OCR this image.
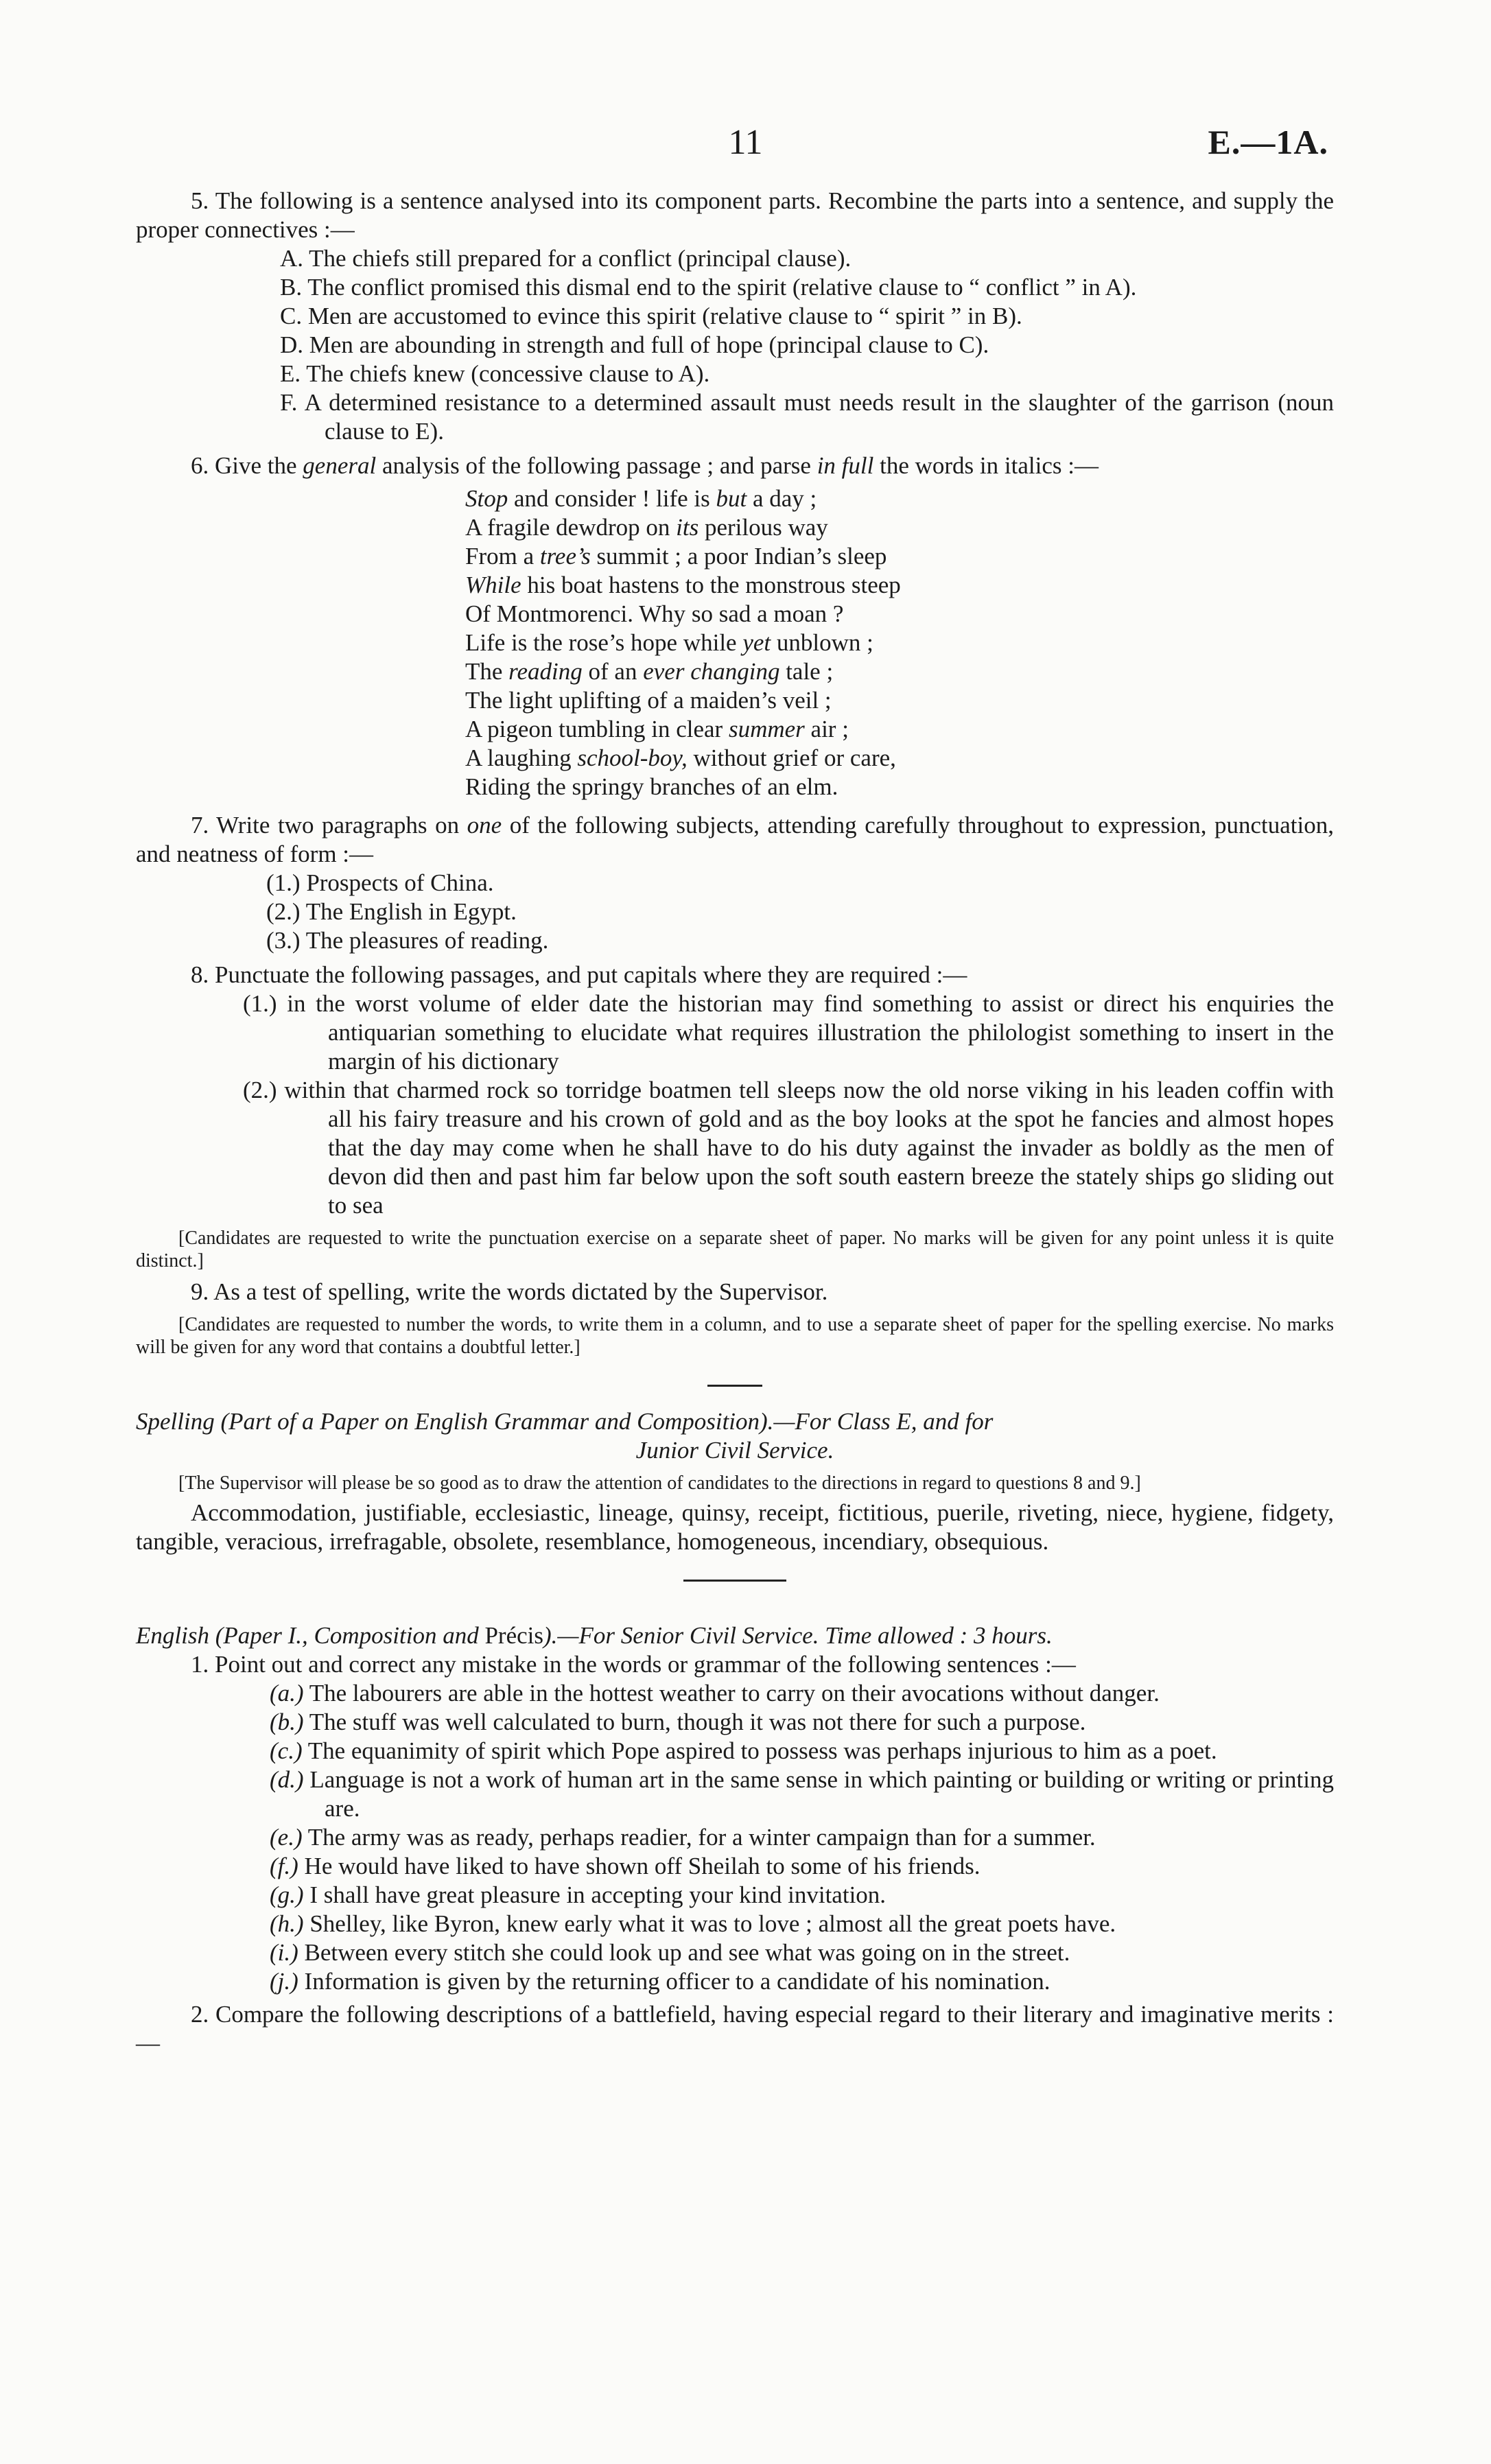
11	E.—1A.

5. The following is a sentence analysed into its component parts. Recombine the parts into a sentence, and supply the proper connectives :—

A. The chiefs still prepared for a conflict (principal clause).

B. The conflict promised this dismal end to the spirit (relative clause to “ conflict ” in A).

C. Men are accustomed to evince this spirit (relative clause to “ spirit ” in B).

D. Men are abounding in strength and full of hope (principal clause to C).

E. The chiefs knew (concessive clause to A).

F. A determined resistance to a determined assault must needs result in the slaughter of the garrison (noun clause to E).

6. Give the general analysis of the following passage ; and parse in full the words in italics :—

Stop and consider ! life is but a day ;

A fragile dewdrop on its perilous way

From a tree’s summit ; a poor Indian’s sleep

While his boat hastens to the monstrous steep

Of Montmorenci. Why so sad a moan ?

Life is the rose’s hope while yet unblown ;

The reading of an ever changing tale ;

The light uplifting of a maiden’s veil ;

A pigeon tumbling in clear summer air ;

A laughing school-boy, without grief or care,

Riding the springy branches of an elm.

7. Write two paragraphs on one of the following subjects, attending carefully throughout to expression, punctuation, and neatness of form :—

(1.) Prospects of China.

(2.) The English in Egypt.

(3.) The pleasures of reading.

8. Punctuate the following passages, and put capitals where they are required :—

(1.) in the worst volume of elder date the historian may find something to assist or direct his enquiries the antiquarian something to elucidate what requires illustration the philologist something to insert in the margin of his dictionary

(2.) within that charmed rock so torridge boatmen tell sleeps now the old norse viking in his leaden coffin with all his fairy treasure and his crown of gold and as the boy looks at the spot he fancies and almost hopes that the day may come when he shall have to do his duty against the invader as boldly as the men of devon did then and past him far below upon the soft south eastern breeze the stately ships go sliding out to sea

[Candidates are requested to write the punctuation exercise on a separate sheet of paper. No marks will be given for any point unless it is quite distinct.]

9. As a test of spelling, write the words dictated by the Supervisor.

[Candidates are requested to number the words, to write them in a column, and to use a separate sheet of paper for the spelling exercise. No marks will be given for any word that contains a doubtful letter.]

Spelling (Part of a Paper on English Grammar and Composition).—For Class E, and for

Junior Civil Service.

[The Supervisor will please be so good as to draw the attention of candidates to the directions in regard to questions 8 and 9.]

Accommodation, justifiable, ecclesiastic, lineage, quinsy, receipt, fictitious, puerile, riveting, niece, hygiene, fidgety, tangible, veracious, irrefragable, obsolete, resemblance, homogeneous, incendiary, obsequious.

English (Paper I., Composition and Précis).—For Senior Civil Service. Time allowed : 3 hours.

1. Point out and correct any mistake in the words or grammar of the following sentences :—

(a.) The labourers are able in the hottest weather to carry on their avocations without danger.

(b.) The stuff was well calculated to burn, though it was not there for such a purpose.

(c.) The equanimity of spirit which Pope aspired to possess was perhaps injurious to him as a poet.

(d.) Language is not a work of human art in the same sense in which painting or building or writing or printing are.

(e.) The army was as ready, perhaps readier, for a winter campaign than for a summer.

(f.) He would have liked to have shown off Sheilah to some of his friends.

(g.) I shall have great pleasure in accepting your kind invitation.

(h.) Shelley, like Byron, knew early what it was to love ; almost all the great poets have.

(i.) Between every stitch she could look up and see what was going on in the street.

(j.) Information is given by the returning officer to a candidate of his nomination.

2. Compare the following descriptions of a battlefield, having especial regard to their literary and imaginative merits :—
